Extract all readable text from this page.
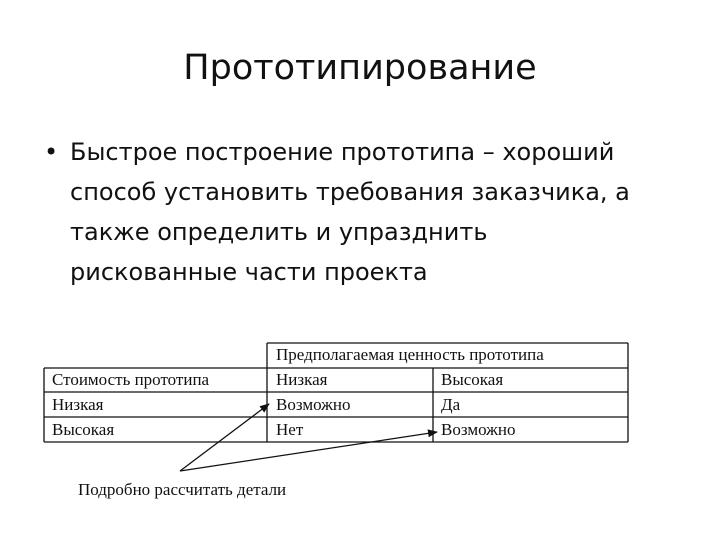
Прототипирование
• Быстрое построение прототипа – хороший
способ установить требования заказчика, а
также определить и упразднить
рискованные части проекта
Предполагаемая ценность прототипа
Стоимость прототипа	Низкая	Высокая
Низкая	Возможно	Да
Высокая	Нет	Возможно
Подробно рассчитать детали
